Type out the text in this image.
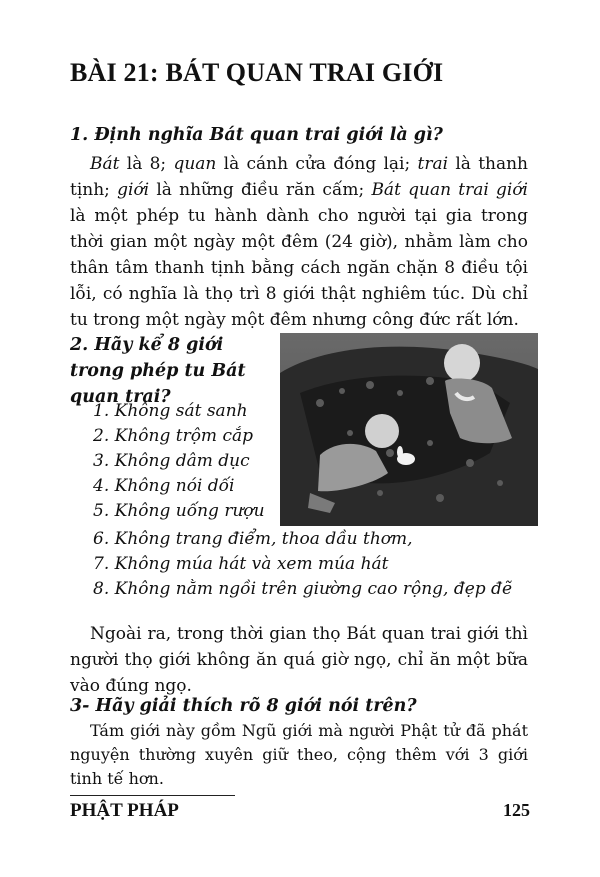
BÀI 21: BÁT QUAN TRAI GIỚI
1. Định nghĩa Bát quan trai giới là gì?

Bát là 8; quan là cánh cửa đóng lại; trai là thanh tịnh; giới là những điều răn cấm; Bát quan trai giới là một phép tu hành dành cho người tại gia trong thời gian một ngày một đêm (24 giờ), nhằm làm cho thân tâm thanh tịnh bằng cách ngăn chặn 8 điều tội lỗi, có nghĩa là thọ trì 8 giới thật nghiêm túc. Dù chỉ tu trong một ngày một đêm nhưng công đức rất lớn.

2. Hãy kể 8 giới trong phép tu Bát quan trai?
1. Không sát sanh
2. Không trộm cắp
3. Không dâm dục
4. Không nói dối
5. Không uống rượu
6. Không trang điểm, thoa dầu thơm,
7. Không múa hát và xem múa hát
8. Không nằm ngồi trên giường cao rộng, đẹp đẽ

Ngoài ra, trong thời gian thọ Bát quan trai giới thì người thọ giới không ăn quá giờ ngọ, chỉ ăn một bữa vào đúng ngọ.

3- Hãy giải thích rõ 8 giới nói trên?

Tám giới này gồm Ngũ giới mà người Phật tử đã phát nguyện thường xuyên giữ theo, cộng thêm với 3 giới tinh tế hơn.

PHẬT PHÁP	125
